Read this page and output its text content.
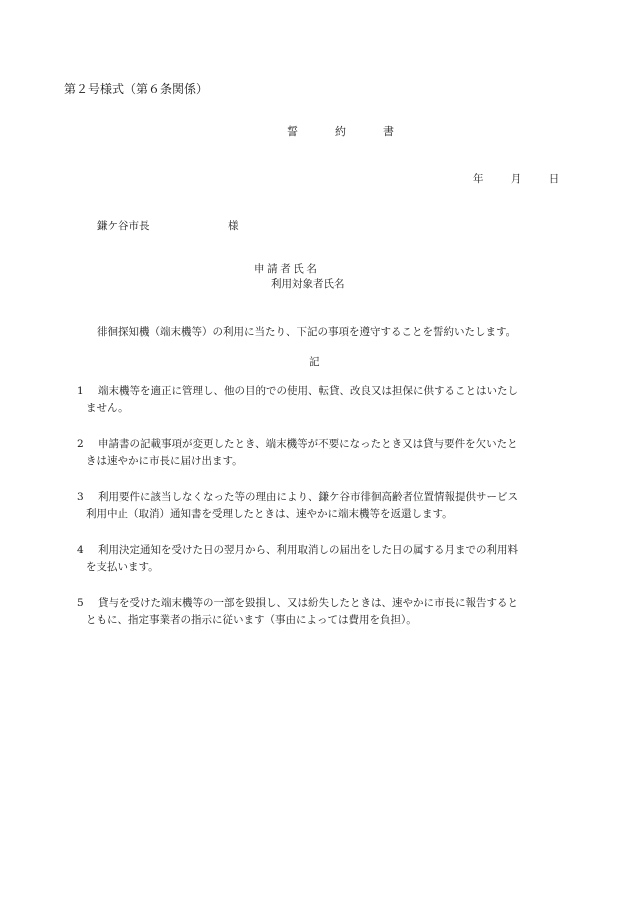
第２号様式（第６条関係）
誓　約　書
年	月	日
鎌ケ谷市長	様
申請者氏名
利用対象者氏名
徘徊探知機（端末機等）の利用に当たり、下記の事項を遵守することを誓約いたします。
記
1 端末機等を適正に管理し、他の目的での使用、転貸、改良又は担保に供することはいたし
ません。
2 申請書の記載事項が変更したとき、端末機等が不要になったとき又は貸与要件を欠いたと
きは速やかに市長に届け出ます。
3 利用要件に該当しなくなった等の理由により、鎌ケ谷市徘徊高齢者位置情報提供サービス
利用中止（取消）通知書を受理したときは、速やかに端末機等を返還します。
4 利用決定通知を受けた日の翌月から、利用取消しの届出をした日の属する月までの利用料
を支払います。
5 貸与を受けた端末機等の一部を毀損し、又は紛失したときは、速やかに市長に報告すると
ともに、指定事業者の指示に従います（事由によっては費用を負担）。
